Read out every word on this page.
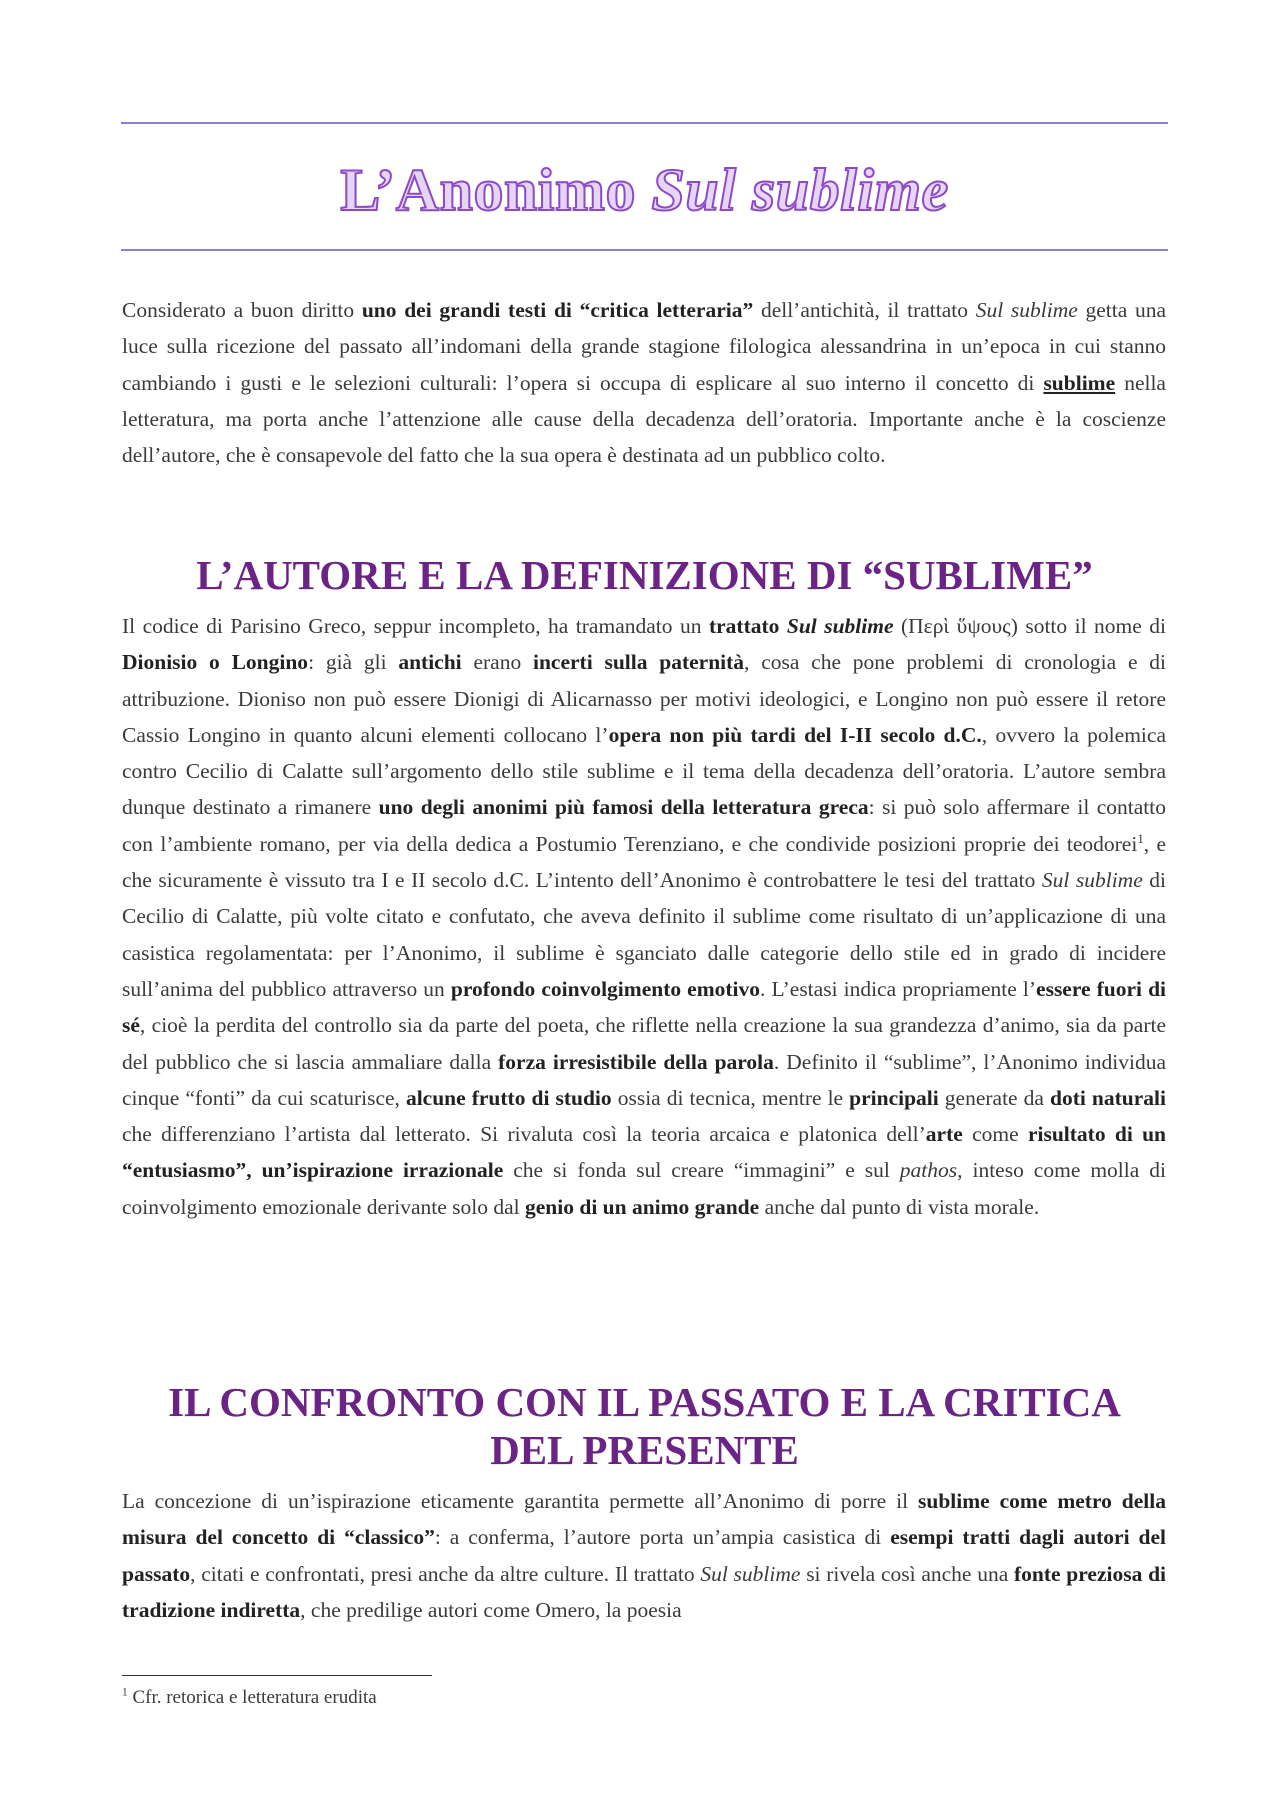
L’Anonimo Sul sublime

Considerato a buon diritto uno dei grandi testi di “critica letteraria” dell’antichità, il trattato Sul sublime getta una luce sulla ricezione del passato all’indomani della grande stagione filologica alessandrina in un’epoca in cui stanno cambiando i gusti e le selezioni culturali: l’opera si occupa di esplicare al suo interno il concetto di sublime nella letteratura, ma porta anche l’attenzione alle cause della decadenza dell’oratoria. Importante anche è la coscienze dell’autore, che è consapevole del fatto che la sua opera è destinata ad un pubblico colto.

L’AUTORE E LA DEFINIZIONE DI “SUBLIME”

Il codice di Parisino Greco, seppur incompleto, ha tramandato un trattato Sul sublime (Περὶ ὕψους) sotto il nome di Dionisio o Longino: già gli antichi erano incerti sulla paternità, cosa che pone problemi di cronologia e di attribuzione. Dioniso non può essere Dionigi di Alicarnasso per motivi ideologici, e Longino non può essere il retore Cassio Longino in quanto alcuni elementi collocano l’opera non più tardi del I-II secolo d.C., ovvero la polemica contro Cecilio di Calatte sull’argomento dello stile sublime e il tema della decadenza dell’oratoria. L’autore sembra dunque destinato a rimanere uno degli anonimi più famosi della letteratura greca: si può solo affermare il contatto con l’ambiente romano, per via della dedica a Postumio Terenziano, e che condivide posizioni proprie dei teodorei$^1$, e che sicuramente è vissuto tra I e II secolo d.C. L’intento dell’Anonimo è controbattere le tesi del trattato Sul sublime di Cecilio di Calatte, più volte citato e confutato, che aveva definito il sublime come risultato di un’applicazione di una casistica regolamentata: per l’Anonimo, il sublime è sganciato dalle categorie dello stile ed in grado di incidere sull’anima del pubblico attraverso un profondo coinvolgimento emotivo. L’estasi indica propriamente l’essere fuori di sé, cioè la perdita del controllo sia da parte del poeta, che riflette nella creazione la sua grandezza d’animo, sia da parte del pubblico che si lascia ammaliare dalla forza irresistibile della parola. Definito il “sublime”, l’Anonimo individua cinque “fonti” da cui scaturisce, alcune frutto di studio ossia di tecnica, mentre le principali generate da doti naturali che differenziano l’artista dal letterato. Si rivaluta così la teoria arcaica e platonica dell’arte come risultato di un “entusiasmo”, un’ispirazione irrazionale che si fonda sul creare “immagini” e sul pathos, inteso come molla di coinvolgimento emozionale derivante solo dal genio di un animo grande anche dal punto di vista morale.

IL CONFRONTO CON IL PASSATO E LA CRITICA
DEL PRESENTE

La concezione di un’ispirazione eticamente garantita permette all’Anonimo di porre il sublime come metro della misura del concetto di “classico”: a conferma, l’autore porta un’ampia casistica di esempi tratti dagli autori del passato, citati e confrontati, presi anche da altre culture. Il trattato Sul sublime si rivela così anche una fonte preziosa di tradizione indiretta, che predilige autori come Omero, la poesia

$^1$ Cfr. retorica e letteratura erudita
